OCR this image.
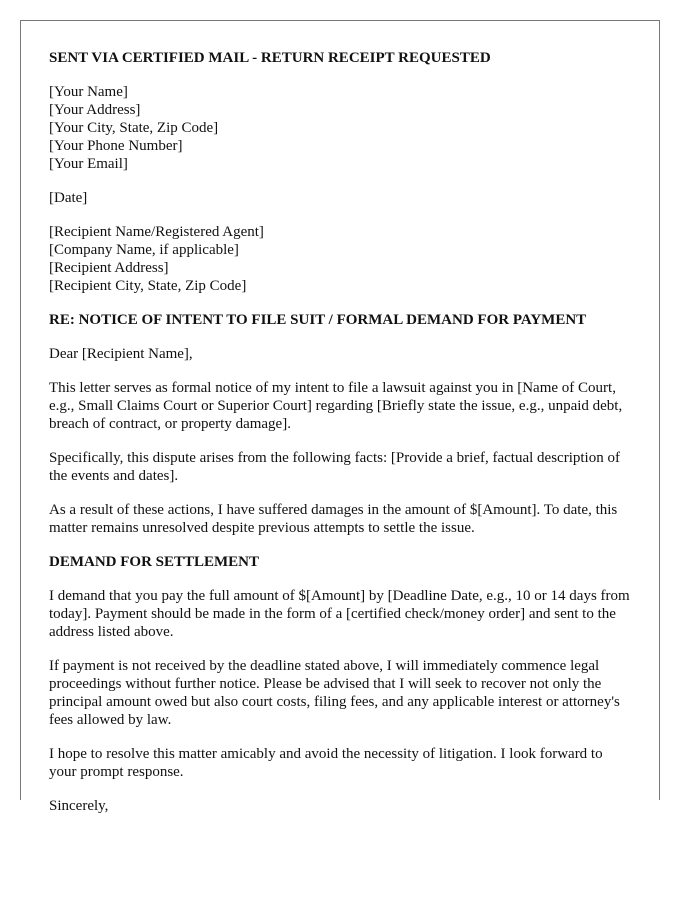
SENT VIA CERTIFIED MAIL - RETURN RECEIPT REQUESTED
[Your Name]
[Your Address]
[Your City, State, Zip Code]
[Your Phone Number]
[Your Email]
[Date]
[Recipient Name/Registered Agent]
[Company Name, if applicable]
[Recipient Address]
[Recipient City, State, Zip Code]
RE: NOTICE OF INTENT TO FILE SUIT / FORMAL DEMAND FOR PAYMENT

Dear [Recipient Name],

This letter serves as formal notice of my intent to file a lawsuit against you in [Name of Court, e.g., Small Claims Court or Superior Court] regarding [Briefly state the issue, e.g., unpaid debt, breach of contract, or property damage].

Specifically, this dispute arises from the following facts: [Provide a brief, factual description of the events and dates].

As a result of these actions, I have suffered damages in the amount of $[Amount]. To date, this matter remains unresolved despite previous attempts to settle the issue.

DEMAND FOR SETTLEMENT

I demand that you pay the full amount of $[Amount] by [Deadline Date, e.g., 10 or 14 days from today]. Payment should be made in the form of a [certified check/money order] and sent to the address listed above.

If payment is not received by the deadline stated above, I will immediately commence legal proceedings without further notice. Please be advised that I will seek to recover not only the principal amount owed but also court costs, filing fees, and any applicable interest or attorney's fees allowed by law.

I hope to resolve this matter amicably and avoid the necessity of litigation. I look forward to your prompt response.

Sincerely,
